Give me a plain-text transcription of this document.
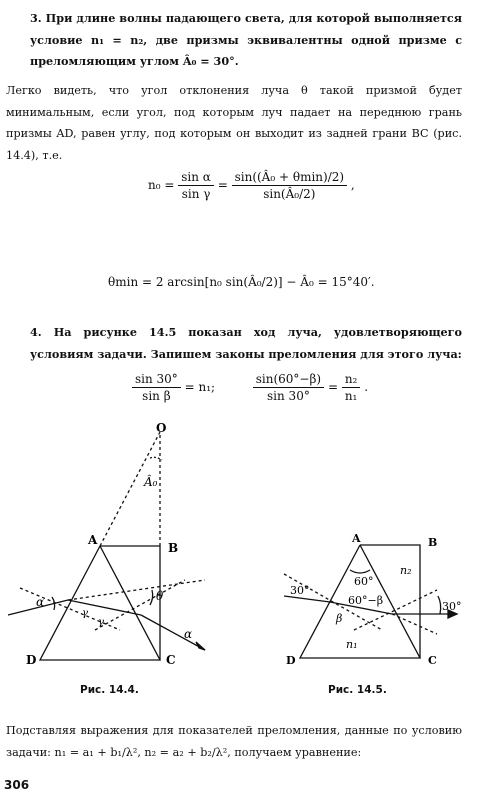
3. При длине волны падающего света, для которой выполняется условие n₁ = n₂, две призмы эквивалентны одной призме с преломляющим углом Â₀ = 30°.
Легко видеть, что угол отклонения луча θ такой призмой будет минимальным, если угол, под которым луч падает на переднюю грань призмы AD, равен углу, под которым он выходит из задней грани BC (рис. 14.4), т.е.
$n_0 = \frac{\text{sin α}}{\text{sin γ}} = \frac{\text{sin((Â₀ + θmin)/2)}}{\text{sin(Â₀/2)}}$ ,
θmin = 2 arcsin[n₀ sin(Â₀/2)] − Â₀ = 15°40′.
4. На рисунке 14.5 показан ход луча, удовлетворяющего условиям задачи. Запишем законы преломления для этого луча:
$\frac{\sin 30^\circ}{\text{sin β}} = n_1$;	$\frac{\sin(60^\circ-\beta)}{\sin 30^\circ} = \frac{\text{n₂}}{\text{n₁}}$ .
O
Â₀
A
B
C
D
α
γ
γ
θ
α
Рис. 14.4.
A	B
C
D
n₂
n₁
60°
60°−β
β
30°
30°
Рис. 14.5.
Подставляя выражения для показателей преломления, данные по условию задачи: n₁ = a₁ + b₁/λ², n₂ = a₂ + b₂/λ², получаем уравнение:
306
